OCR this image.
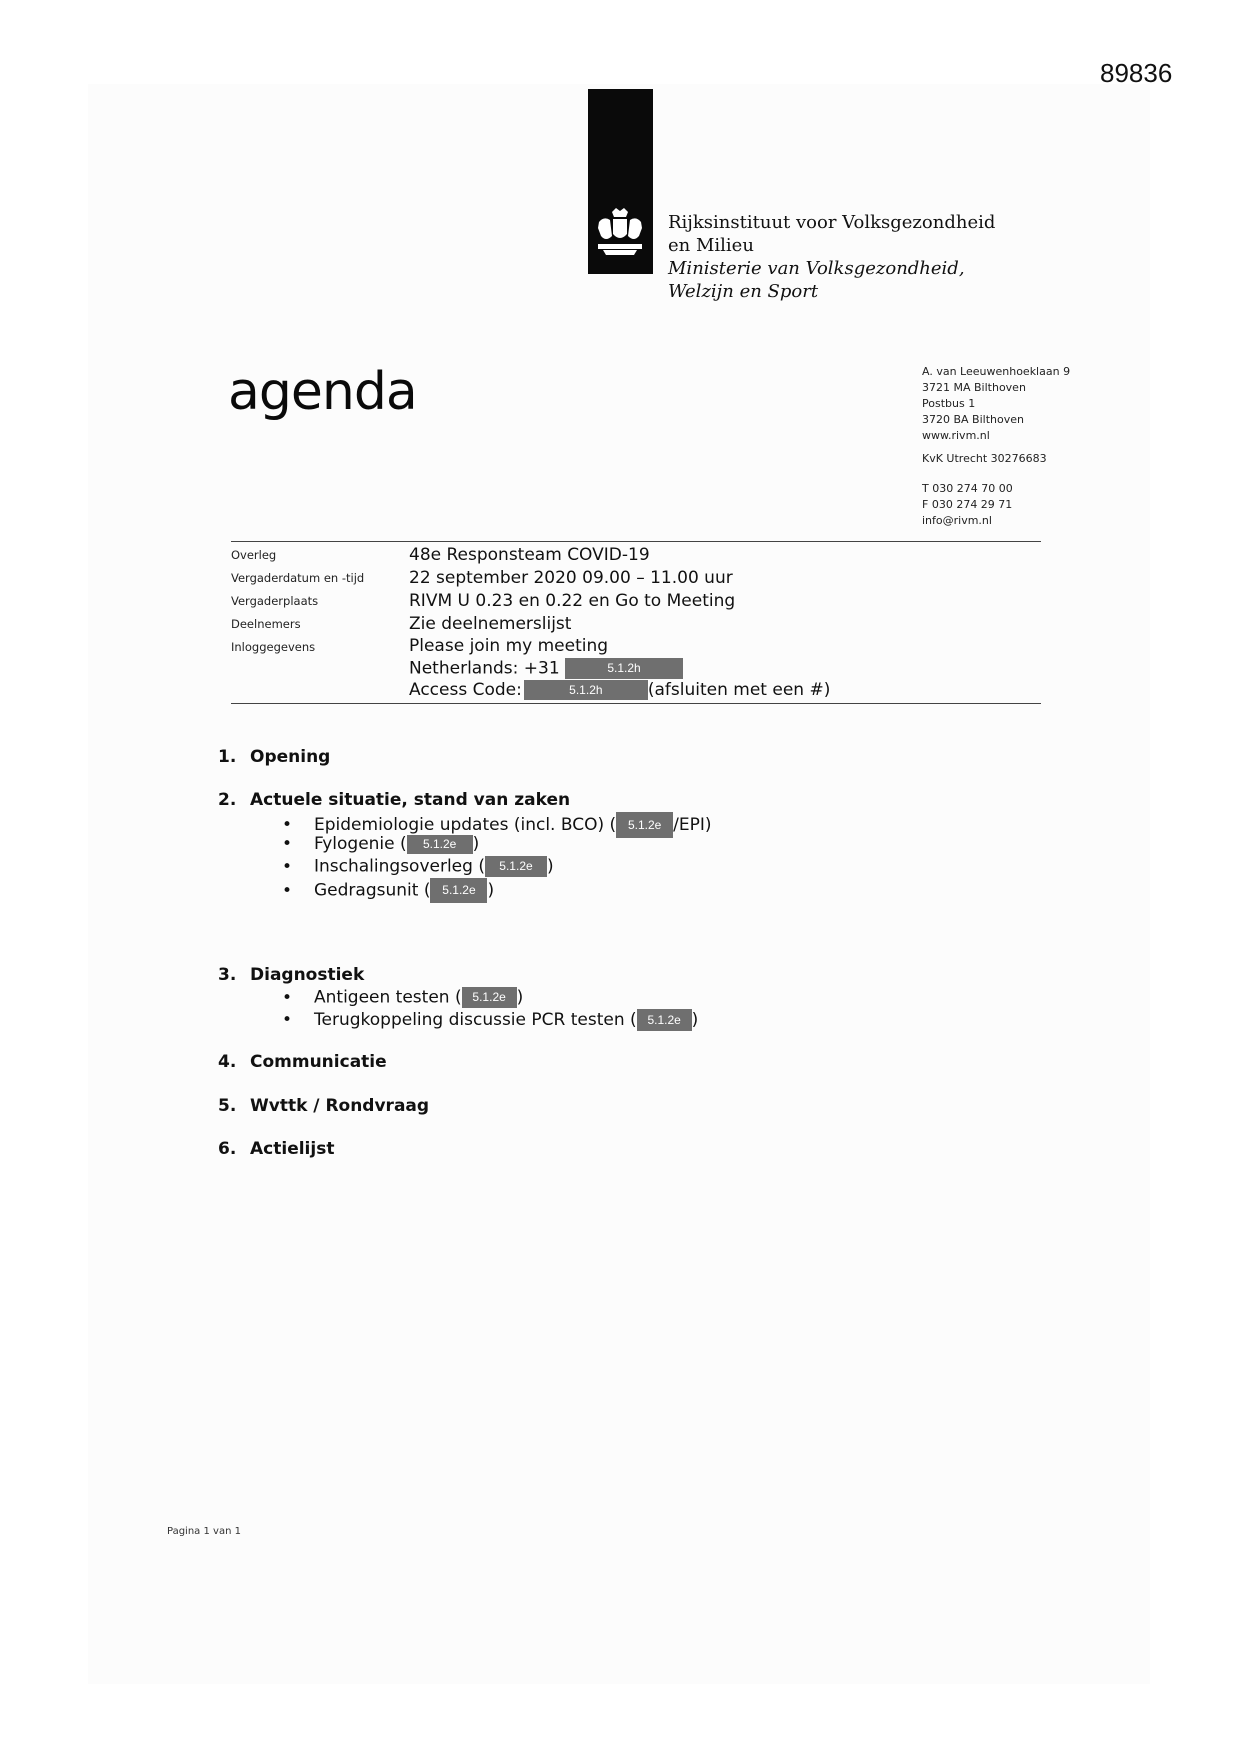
89836
Rijksinstituut voor Volksgezondheid
en Milieu
Ministerie van Volksgezondheid,
Welzijn en Sport
agenda	A. van Leeuwenhoeklaan 9
3721 MA Bilthoven
Postbus 1
3720 BA Bilthoven
www.rivm.nl
KvK Utrecht 30276683
T 030 274 70 00
F 030 274 29 71
info@rivm.nl
Overleg	48e Responsteam COVID-19
Vergaderdatum en -tijd	22 september 2020 09.00 – 11.00 uur
Vergaderplaats	RIVM U 0.23 en 0.22 en Go to Meeting
Deelnemers	Zie deelnemerslijst
Inloggegevens	Please join my meeting
Netherlands: +31	5.1.2h
Access Code:	5.1.2h	(afsluiten met een #)
1. Opening
2. Actuele situatie, stand van zaken
• Epidemiologie updates (incl. BCO) ( 5.1.2e /EPI)
• Fylogenie ( 5.1.2e )
• Inschalingsoverleg ( 5.1.2e )
• Gedragsunit ( 5.1.2e )
3. Diagnostiek
• Antigeen testen ( 5.1.2e )
• Terugkoppeling discussie PCR testen ( 5.1.2e )
4. Communicatie
5. Wvttk / Rondvraag
6. Actielijst
Pagina 1 van 1
